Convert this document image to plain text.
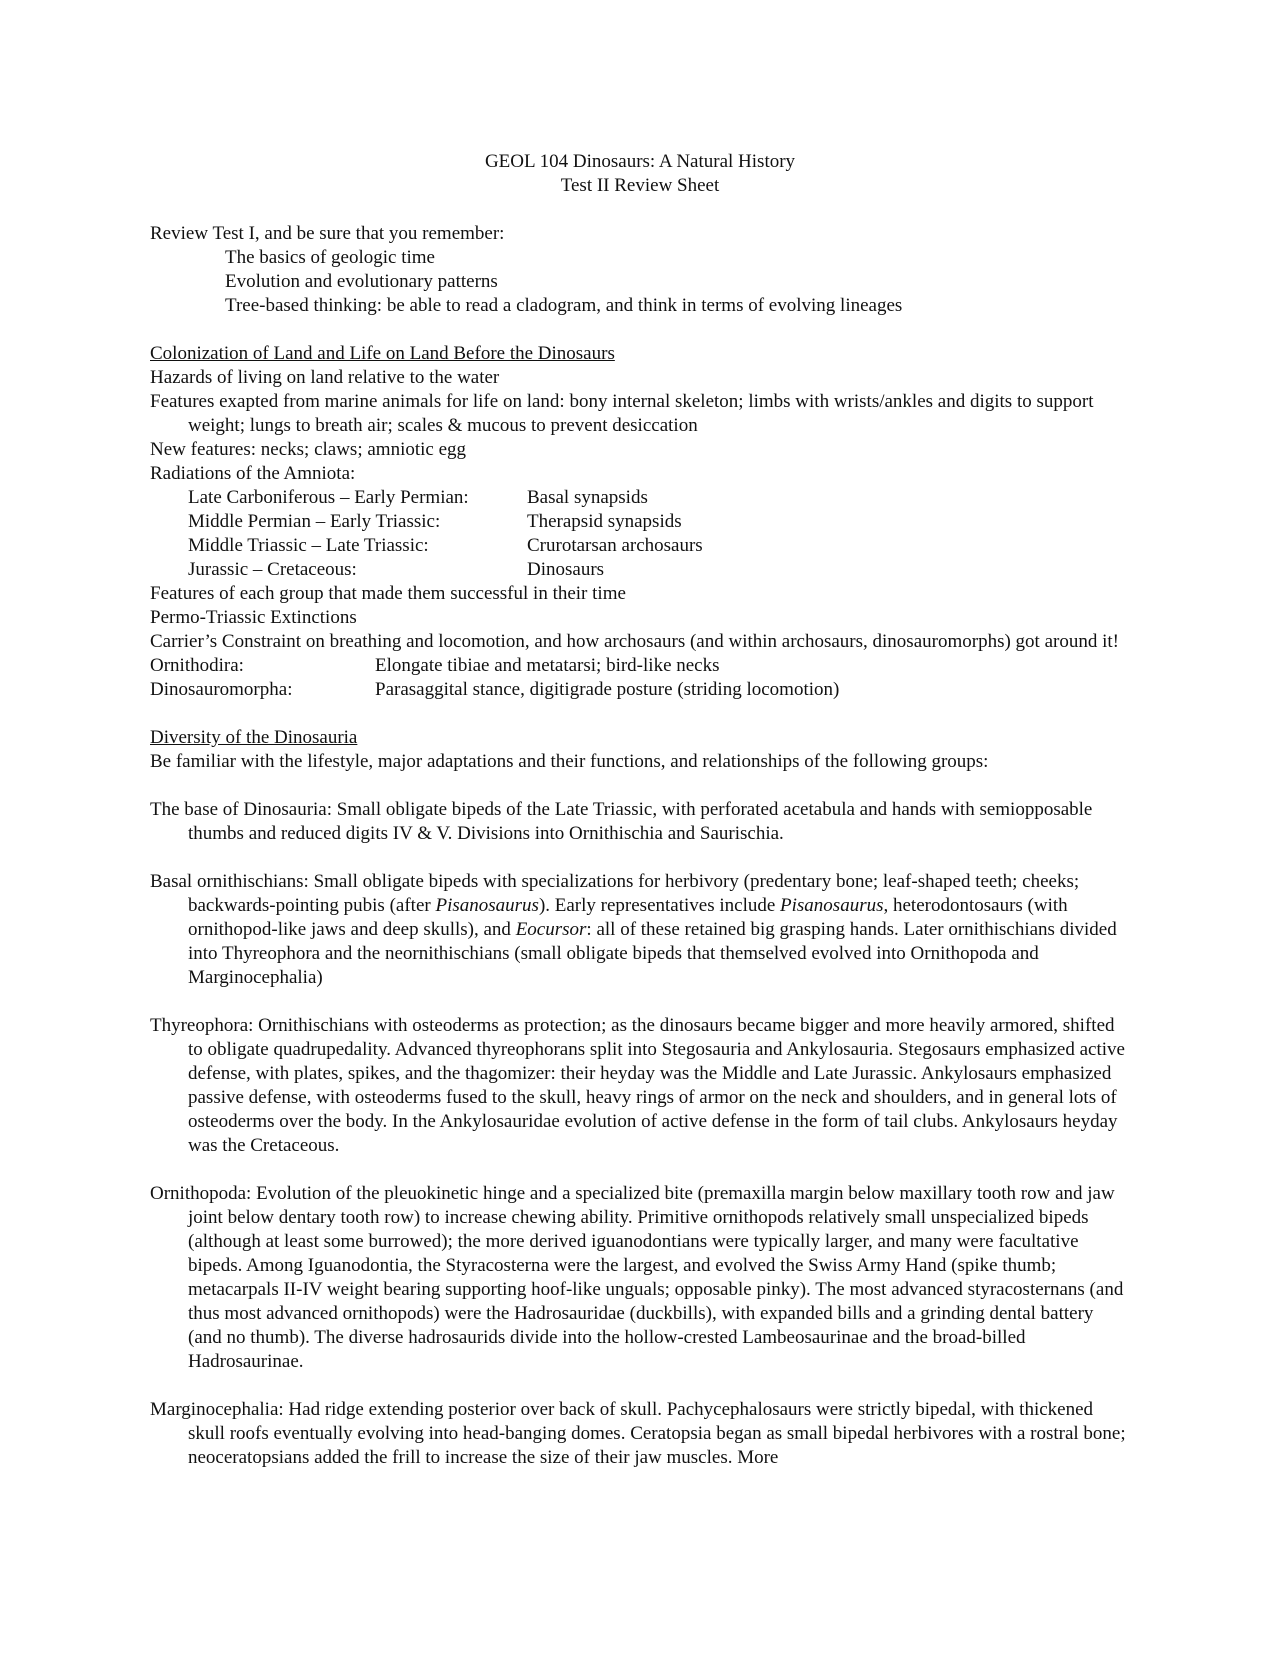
GEOL 104 Dinosaurs: A Natural History

Test II Review Sheet

Review Test I, and be sure that you remember:

The basics of geologic time

Evolution and evolutionary patterns

Tree-based thinking: be able to read a cladogram, and think in terms of evolving lineages

Colonization of Land and Life on Land Before the Dinosaurs

Hazards of living on land relative to the water

Features exapted from marine animals for life on land: bony internal skeleton; limbs with wrists/ankles and digits to support weight; lungs to breath air; scales & mucous to prevent desiccation

New features: necks; claws; amniotic egg

Radiations of the Amniota:

Late Carboniferous – Early Permian:	Basal synapsids
Middle Permian – Early Triassic:	Therapsid synapsids
Middle Triassic – Late Triassic:	Crurotarsan archosaurs
Jurassic – Cretaceous:	Dinosaurs

Features of each group that made them successful in their time

Permo-Triassic Extinctions

Carrier’s Constraint on breathing and locomotion, and how archosaurs (and within archosaurs, dinosauromorphs) got around it!

Ornithodira:	Elongate tibiae and metatarsi; bird-like necks
Dinosauromorpha:	Parasaggital stance, digitigrade posture (striding locomotion)

Diversity of the Dinosauria

Be familiar with the lifestyle, major adaptations and their functions, and relationships of the following groups:

The base of Dinosauria: Small obligate bipeds of the Late Triassic, with perforated acetabula and hands with semiopposable thumbs and reduced digits IV & V. Divisions into Ornithischia and Saurischia.

Basal ornithischians: Small obligate bipeds with specializations for herbivory (predentary bone; leaf-shaped teeth; cheeks; backwards-pointing pubis (after Pisanosaurus). Early representatives include Pisanosaurus, heterodontosaurs (with ornithopod-like jaws and deep skulls), and Eocursor: all of these retained big grasping hands. Later ornithischians divided into Thyreophora and the neornithischians (small obligate bipeds that themselved evolved into Ornithopoda and Marginocephalia)

Thyreophora: Ornithischians with osteoderms as protection; as the dinosaurs became bigger and more heavily armored, shifted to obligate quadrupedality. Advanced thyreophorans split into Stegosauria and Ankylosauria. Stegosaurs emphasized active defense, with plates, spikes, and the thagomizer: their heyday was the Middle and Late Jurassic. Ankylosaurs emphasized passive defense, with osteoderms fused to the skull, heavy rings of armor on the neck and shoulders, and in general lots of osteoderms over the body. In the Ankylosauridae evolution of active defense in the form of tail clubs. Ankylosaurs heyday was the Cretaceous.

Ornithopoda: Evolution of the pleuokinetic hinge and a specialized bite (premaxilla margin below maxillary tooth row and jaw joint below dentary tooth row) to increase chewing ability. Primitive ornithopods relatively small unspecialized bipeds (although at least some burrowed); the more derived iguanodontians were typically larger, and many were facultative bipeds. Among Iguanodontia, the Styracosterna were the largest, and evolved the Swiss Army Hand (spike thumb; metacarpals II-IV weight bearing supporting hoof-like unguals; opposable pinky). The most advanced styracosternans (and thus most advanced ornithopods) were the Hadrosauridae (duckbills), with expanded bills and a grinding dental battery (and no thumb). The diverse hadrosaurids divide into the hollow-crested Lambeosaurinae and the broad-billed Hadrosaurinae.

Marginocephalia: Had ridge extending posterior over back of skull. Pachycephalosaurs were strictly bipedal, with thickened skull roofs eventually evolving into head-banging domes. Ceratopsia began as small bipedal herbivores with a rostral bone; neoceratopsians added the frill to increase the size of their jaw muscles. More
